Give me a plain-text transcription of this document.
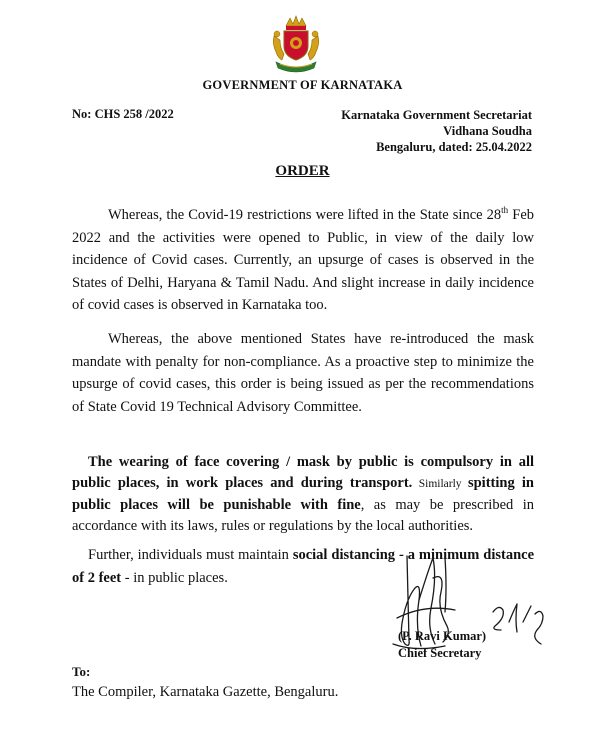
GOVERNMENT OF KARNATAKA
No: CHS 258 /2022	Karnataka Government Secretariat
Vidhana Soudha
Bengaluru, dated: 25.04.2022
ORDER
Whereas, the Covid-19 restrictions were lifted in the State since 28th Feb 2022 and the activities were opened to Public, in view of the daily low incidence of Covid cases. Currently, an upsurge of cases is observed in the States of Delhi, Haryana & Tamil Nadu. And slight increase in daily incidence of covid cases is observed in Karnataka too.
Whereas, the above mentioned States have re-introduced the mask mandate with penalty for non-compliance. As a proactive step to minimize the upsurge of covid cases, this order is being issued as per the recommendations of State Covid 19 Technical Advisory Committee.
The wearing of face covering / mask by public is compulsory in all public places, in work places and during transport. Similarly spitting in public places will be punishable with fine, as may be prescribed in accordance with its laws, rules or regulations by the local authorities.
Further, individuals must maintain social distancing - a minimum distance of 2 feet - in public places.
(P. Ravi Kumar)
Chief Secretary
To:
The Compiler, Karnataka Gazette, Bengaluru.
